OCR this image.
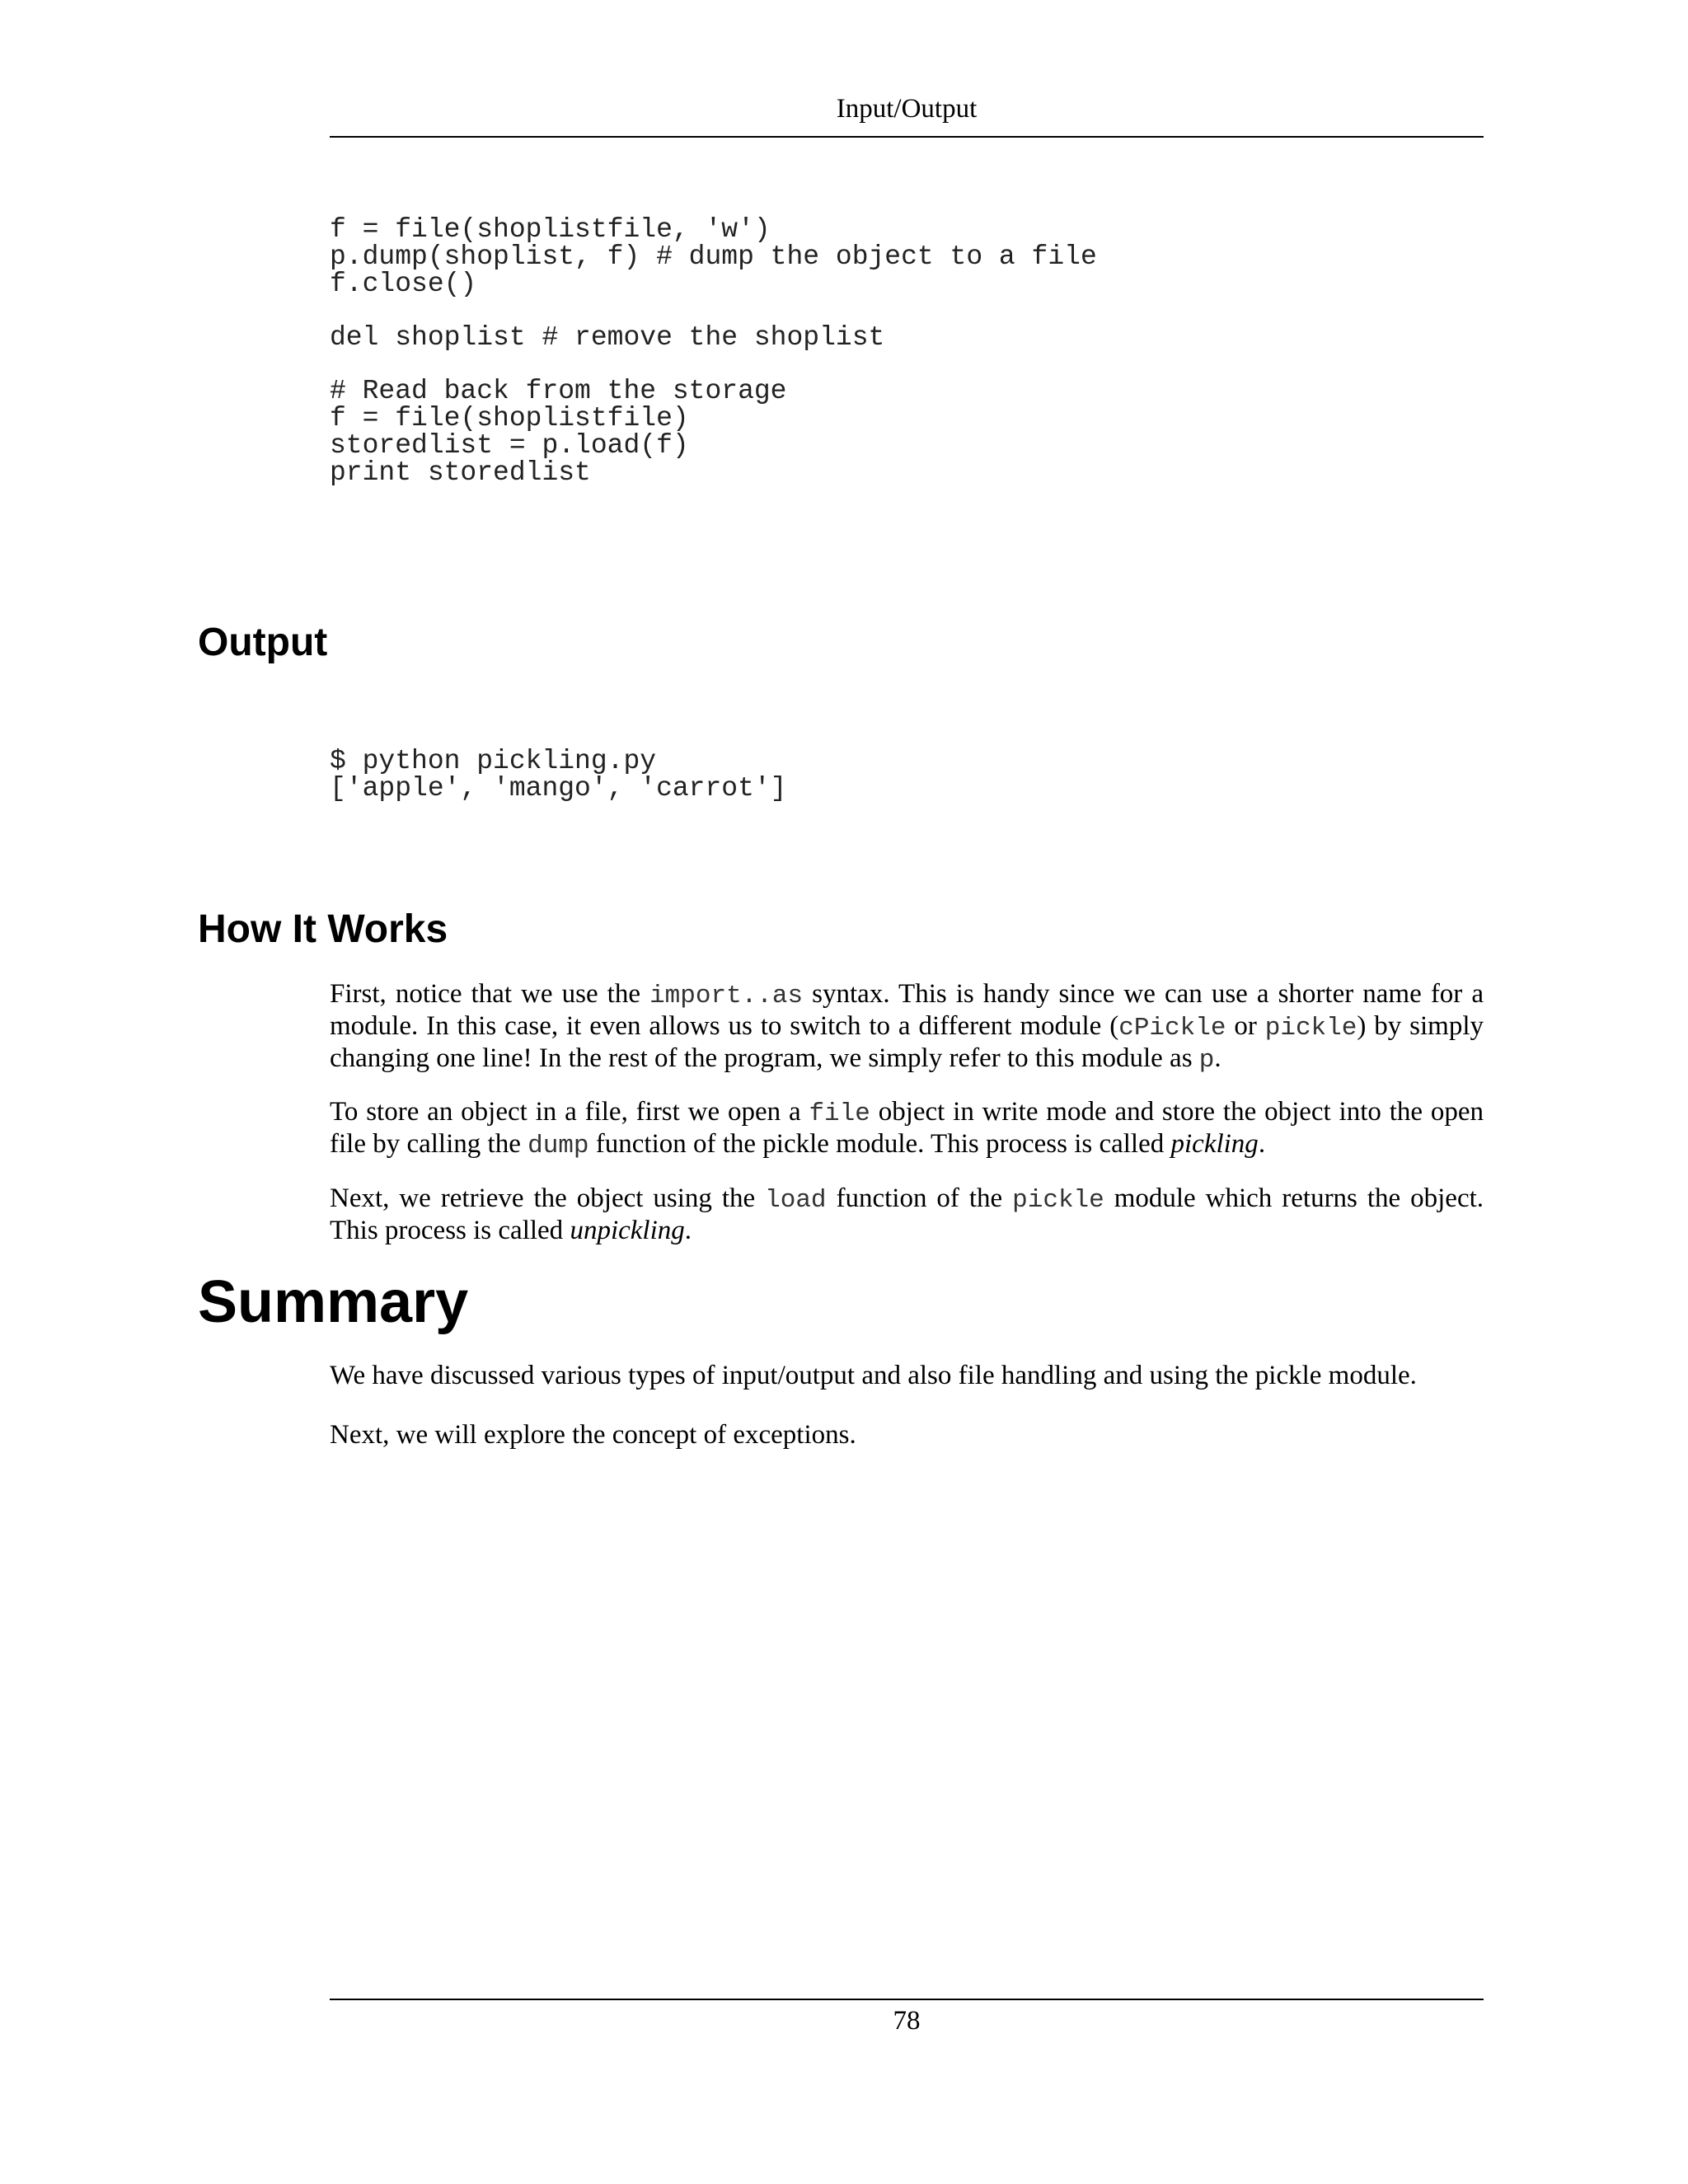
Input/Output
f = file(shoplistfile, 'w')
p.dump(shoplist, f) # dump the object to a file
f.close()
del shoplist # remove the shoplist
# Read back from the storage
f = file(shoplistfile)
storedlist = p.load(f)
print storedlist
Output
$ python pickling.py
['apple', 'mango', 'carrot']
How It Works

First, notice that we use the import..as syntax. This is handy since we can use a shorter name for a module. In this case, it even allows us to switch to a different module (cPickle or pickle) by simply changing one line! In the rest of the program, we simply refer to this module as p.

To store an object in a file, first we open a file object in write mode and store the object into the open file by calling the dump function of the pickle module. This process is called pickling.

Next, we retrieve the object using the load function of the pickle module which returns the object. This process is called unpickling.

Summary

We have discussed various types of input/output and also file handling and using the pickle module.

Next, we will explore the concept of exceptions.

78
